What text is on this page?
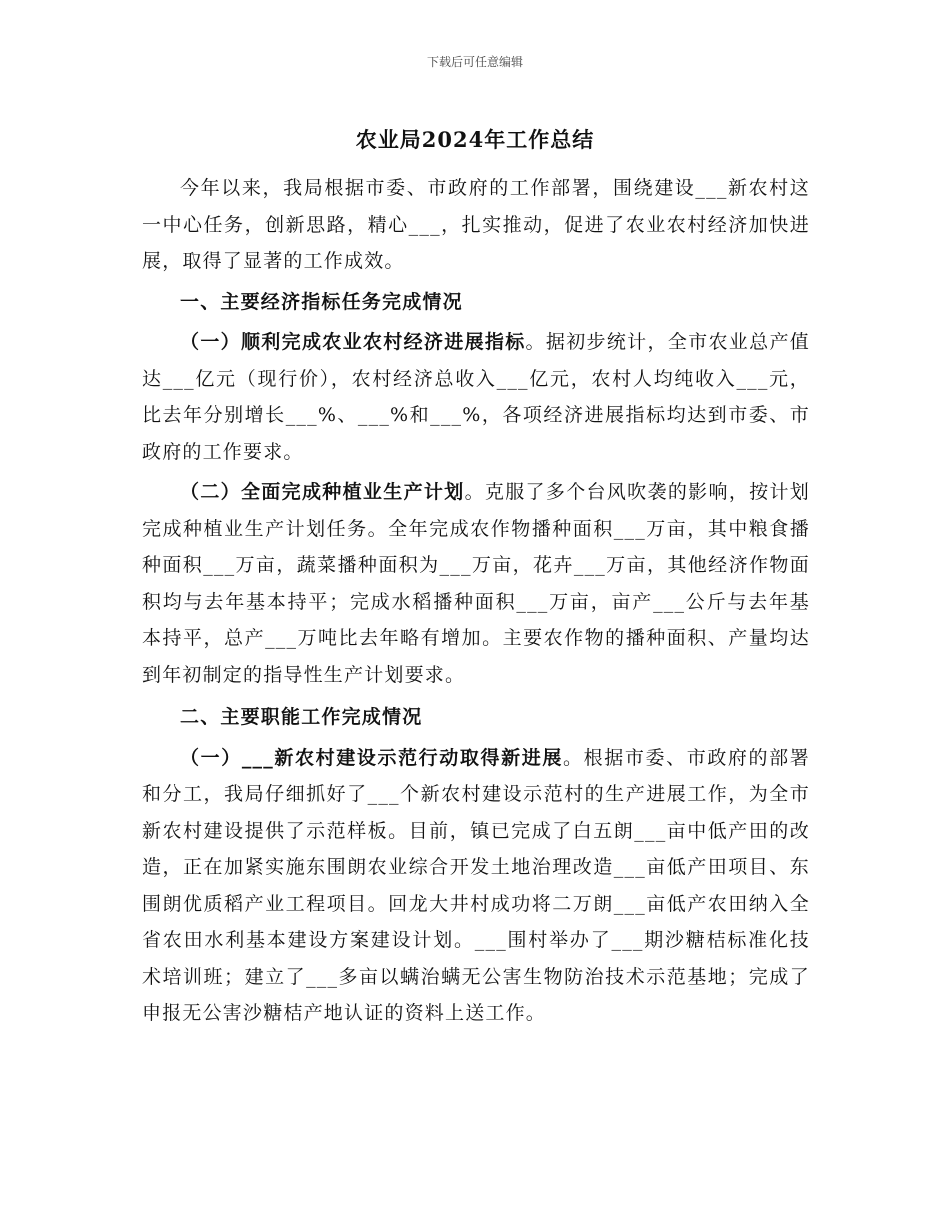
下载后可任意编辑
农业局2024年工作总结

今年以来，我局根据市委、市政府的工作部署，围绕建设___新农村这一中心任务，创新思路，精心___，扎实推动，促进了农业农村经济加快进展，取得了显著的工作成效。

一、主要经济指标任务完成情况

（一）顺利完成农业农村经济进展指标。据初步统计，全市农业总产值达___亿元（现行价），农村经济总收入___亿元，农村人均纯收入___元，比去年分别增长___%、___%和___%，各项经济进展指标均达到市委、市政府的工作要求。

（二）全面完成种植业生产计划。克服了多个台风吹袭的影响，按计划完成种植业生产计划任务。全年完成农作物播种面积___万亩，其中粮食播种面积___万亩，蔬菜播种面积为___万亩，花卉___万亩，其他经济作物面积均与去年基本持平；完成水稻播种面积___万亩，亩产___公斤与去年基本持平，总产___万吨比去年略有增加。主要农作物的播种面积、产量均达到年初制定的指导性生产计划要求。

二、主要职能工作完成情况

（一）___新农村建设示范行动取得新进展。根据市委、市政府的部署和分工，我局仔细抓好了___个新农村建设示范村的生产进展工作，为全市新农村建设提供了示范样板。目前，镇已完成了白五朗___亩中低产田的改造，正在加紧实施东围朗农业综合开发土地治理改造___亩低产田项目、东围朗优质稻产业工程项目。回龙大井村成功将二万朗___亩低产农田纳入全省农田水利基本建设方案建设计划。___围村举办了___期沙糖桔标准化技术培训班；建立了___多亩以螨治螨无公害生物防治技术示范基地；完成了申报无公害沙糖桔产地认证的资料上送工作。
